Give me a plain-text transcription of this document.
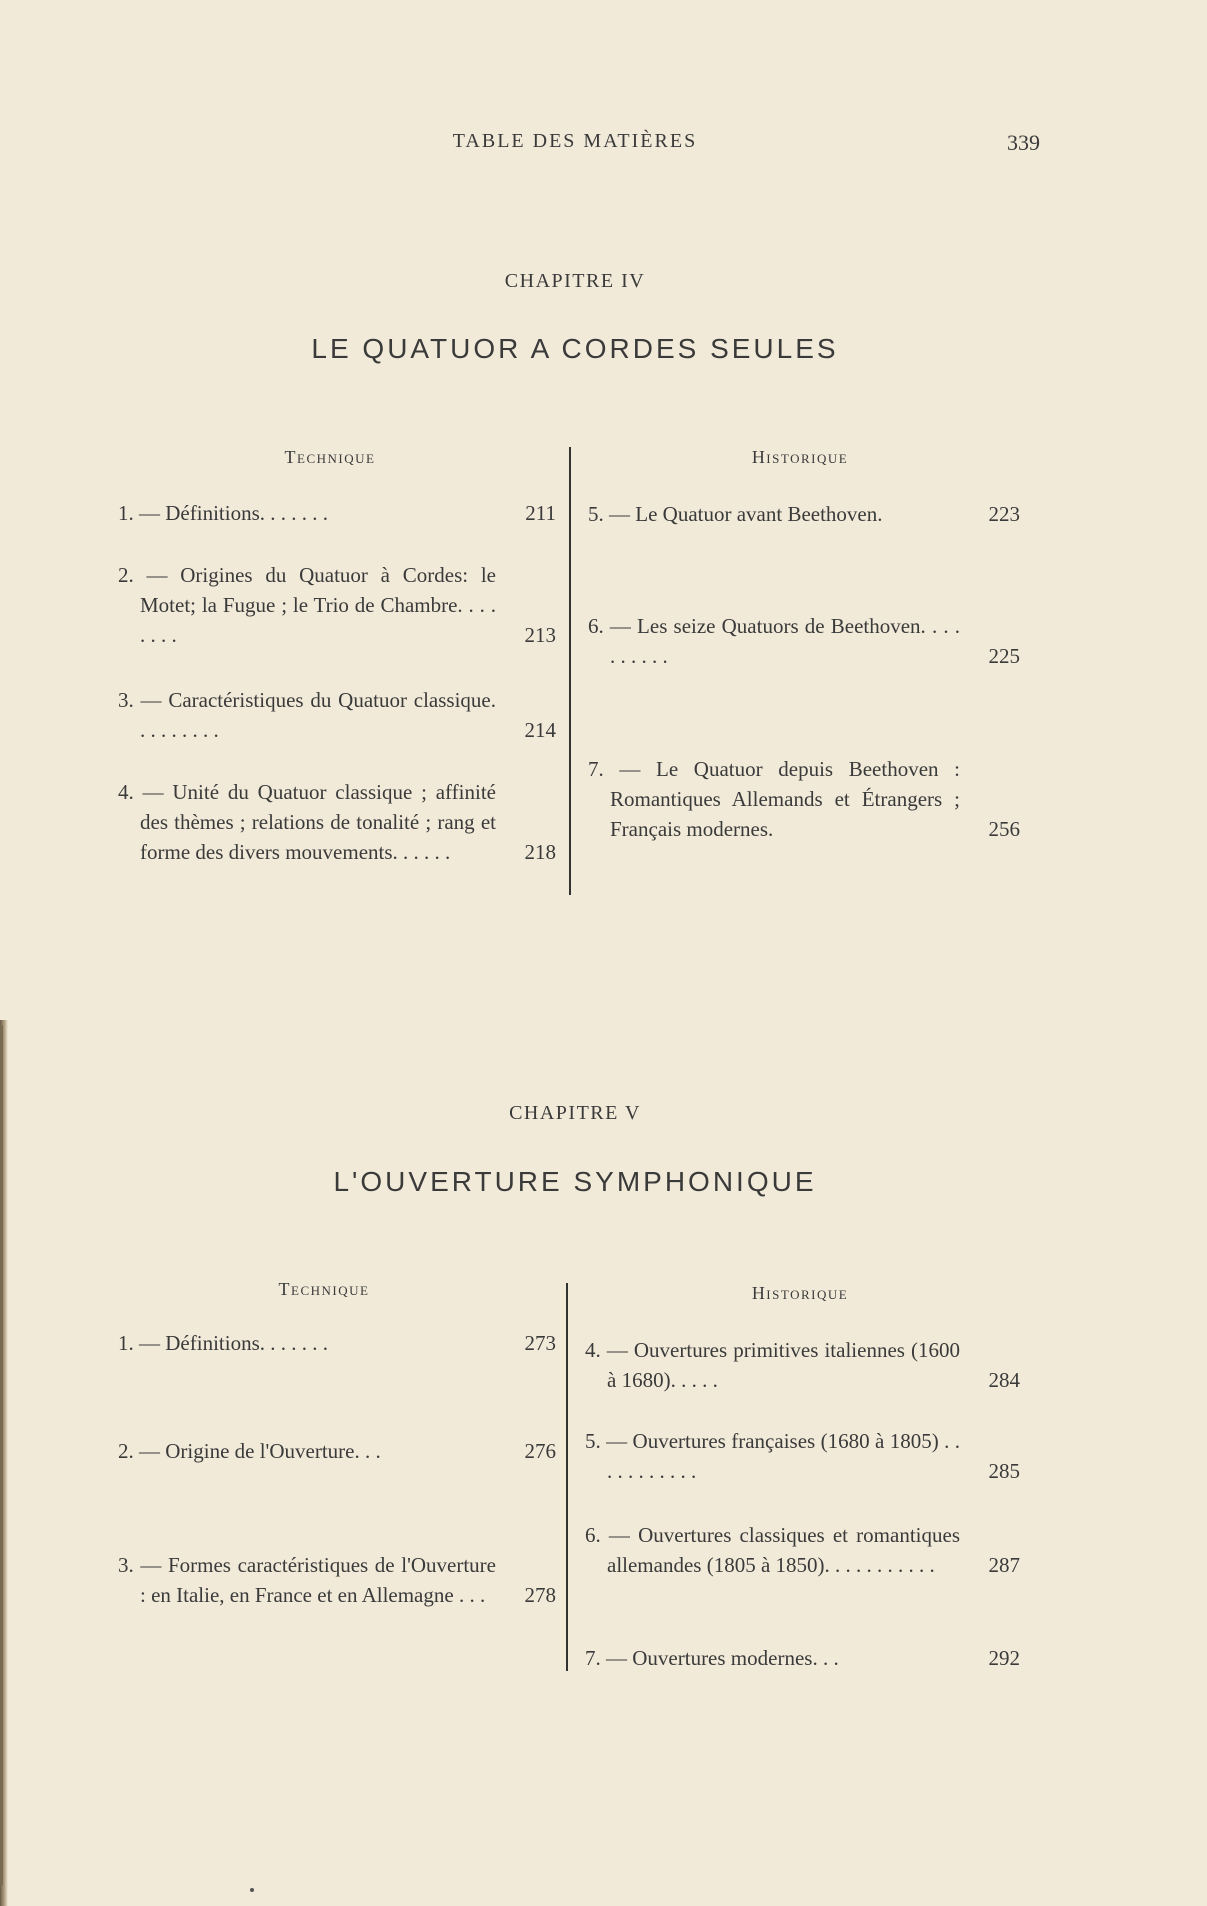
TABLE DES MATIÈRES	339
CHAPITRE IV
LE QUATUOR A CORDES SEULES
Technique	Historique
1. — Définitions. . . . . . .	211
2. — Origines du Quatuor à Cordes: le Motet; la Fugue ; le Trio de Chambre. . . . . . . .	213
3. — Caractéristiques du Quatuor classique. . . . . . . . .	214
4. — Unité du Quatuor classique ; affinité des thèmes ; relations de tonalité ; rang et forme des divers mouvements. . . . . .	218
5. — Le Quatuor avant Beethoven.	223
6. — Les seize Quatuors de Beethoven. . . . . . . . . .	225
7. — Le Quatuor depuis Beethoven : Romantiques Allemands et Étrangers ; Français modernes.	256
CHAPITRE V
L'OUVERTURE SYMPHONIQUE
Technique	Historique
1. — Définitions. . . . . . .	273
2. — Origine de l'Ouverture. . .	276
3. — Formes caractéristiques de l'Ouverture : en Italie, en France et en Allemagne . . .	278
4. — Ouvertures primitives italiennes (1600 à 1680). . . . .	284
5. — Ouvertures françaises (1680 à 1805) . . . . . . . . . . .	285
6. — Ouvertures classiques et romantiques allemandes (1805 à 1850). . . . . . . . . . .	287
7. — Ouvertures modernes. . .	292
